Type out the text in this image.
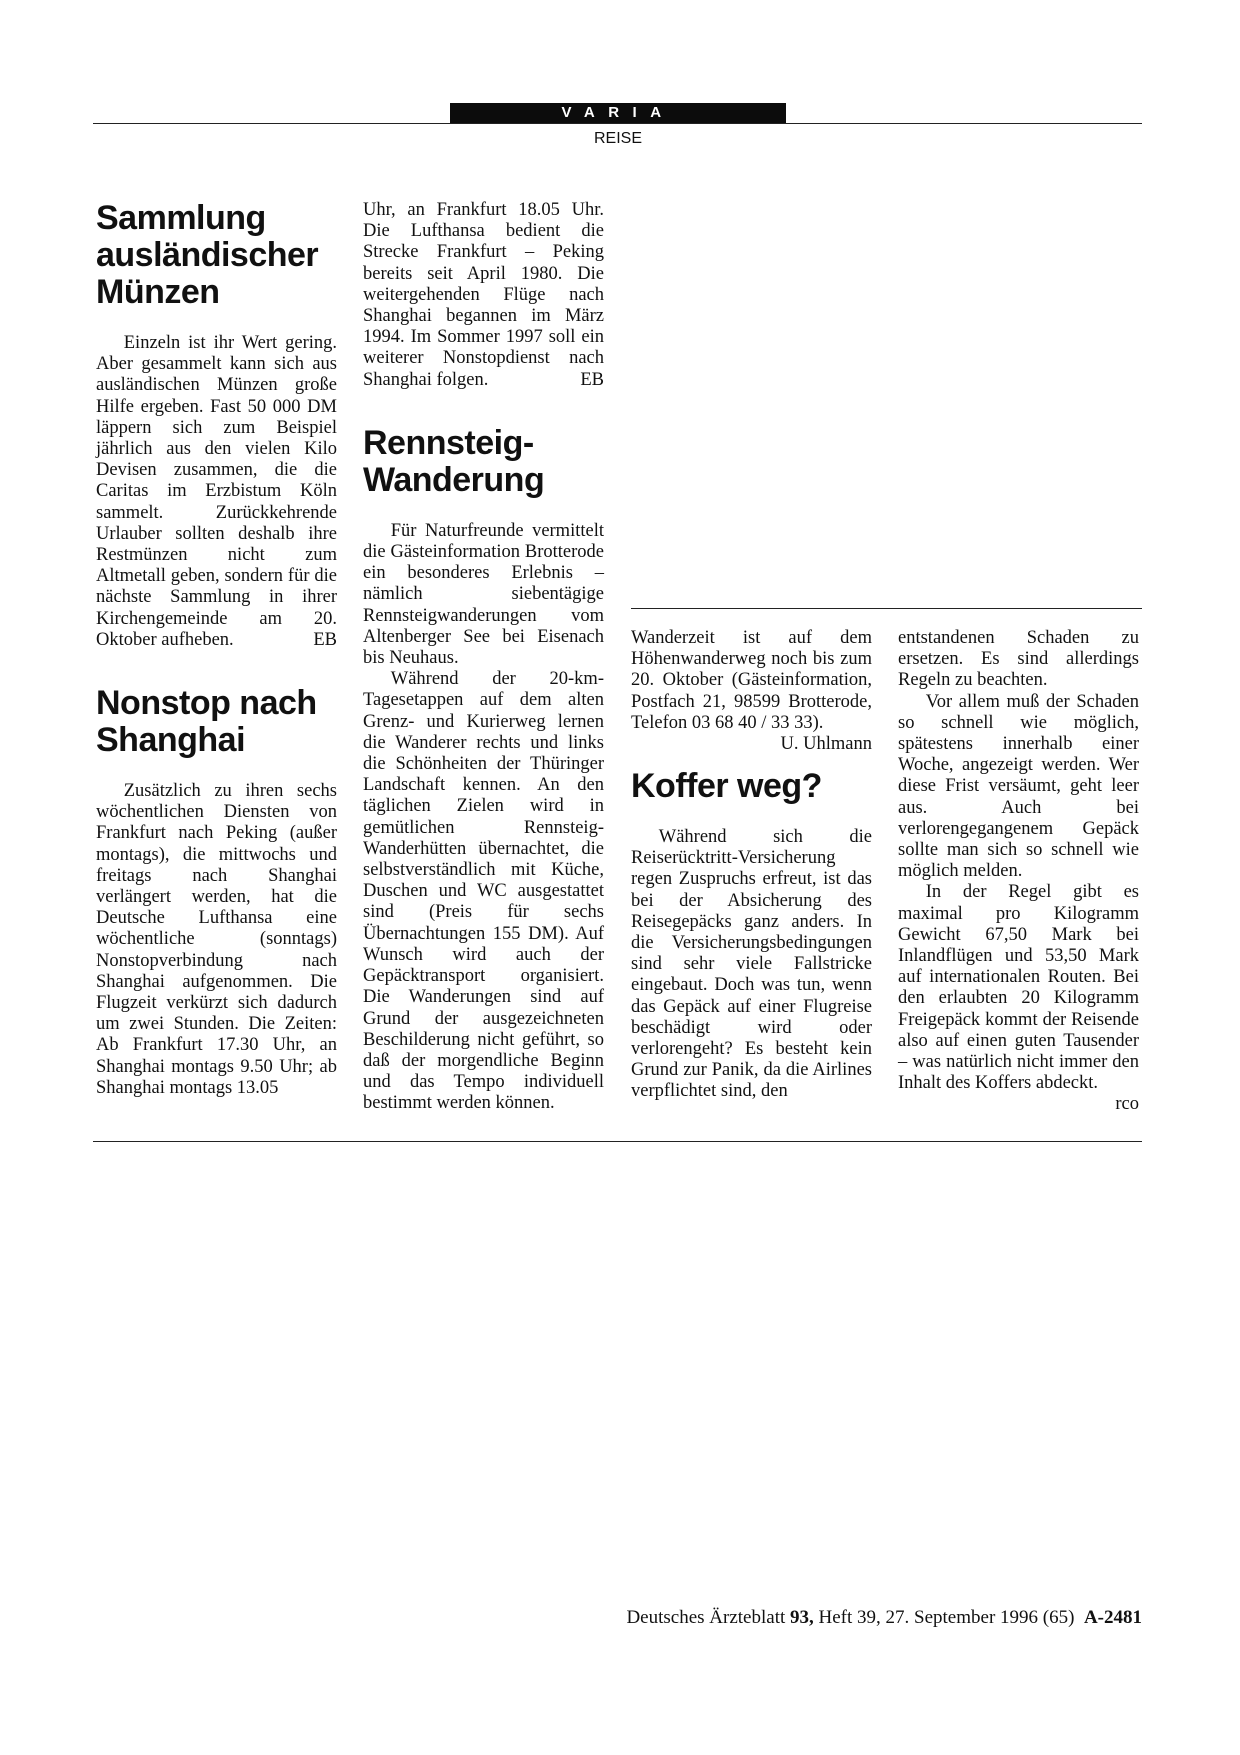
VARIA
REISE
Sammlung ausländischer Münzen

Einzeln ist ihr Wert gering. Aber gesammelt kann sich aus ausländischen Münzen große Hilfe ergeben. Fast 50 000 DM läppern sich zum Beispiel jährlich aus den vielen Kilo Devisen zusammen, die die Caritas im Erzbistum Köln sammelt. Zurückkehrende Urlauber sollten deshalb ihre Restmünzen nicht zum Altmetall geben, sondern für die nächste Sammlung in ihrer Kirchengemeinde am 20. Oktober aufheben.	EB

Nonstop nach Shanghai

Zusätzlich zu ihren sechs wöchentlichen Diensten von Frankfurt nach Peking (außer montags), die mittwochs und freitags nach Shanghai verlängert werden, hat die Deutsche Lufthansa eine wöchentliche (sonntags) Nonstopverbindung nach Shanghai aufgenommen. Die Flugzeit verkürzt sich dadurch um zwei Stunden. Die Zeiten: Ab Frankfurt 17.30 Uhr, an Shanghai montags 9.50 Uhr; ab Shanghai montags 13.05

Uhr, an Frankfurt 18.05 Uhr. Die Lufthansa bedient die Strecke Frankfurt – Peking bereits seit April 1980. Die weitergehenden Flüge nach Shanghai begannen im März 1994. Im Sommer 1997 soll ein weiterer Nonstopdienst nach Shanghai folgen.	EB

Rennsteig-Wanderung

Für Naturfreunde vermittelt die Gästeinformation Brotterode ein besonderes Erlebnis – nämlich siebentägige Rennsteigwanderungen vom Altenberger See bei Eisenach bis Neuhaus.

Während der 20-km-Tagesetappen auf dem alten Grenz- und Kurierweg lernen die Wanderer rechts und links die Schönheiten der Thüringer Landschaft kennen. An den täglichen Zielen wird in gemütlichen Rennsteig-Wanderhütten übernachtet, die selbstverständlich mit Küche, Duschen und WC ausgestattet sind (Preis für sechs Übernachtungen 155 DM). Auf Wunsch wird auch der Gepäcktransport organisiert. Die Wanderungen sind auf Grund der ausgezeichneten Beschilderung nicht geführt, so daß der morgendliche Beginn und das Tempo individuell bestimmt werden können.

Wanderzeit ist auf dem Höhenwanderweg noch bis zum 20. Oktober (Gästeinformation, Postfach 21, 98599 Brotterode, Telefon 03 68 40 / 33 33).
U. Uhlmann

Koffer weg?

Während sich die Reiserücktritt-Versicherung regen Zuspruchs erfreut, ist das bei der Absicherung des Reisegepäcks ganz anders. In die Versicherungsbedingungen sind sehr viele Fallstricke eingebaut. Doch was tun, wenn das Gepäck auf einer Flugreise beschädigt wird oder verlorengeht? Es besteht kein Grund zur Panik, da die Airlines verpflichtet sind, den

entstandenen Schaden zu ersetzen. Es sind allerdings Regeln zu beachten.

Vor allem muß der Schaden so schnell wie möglich, spätestens innerhalb einer Woche, angezeigt werden. Wer diese Frist versäumt, geht leer aus. Auch bei verlorengegangenem Gepäck sollte man sich so schnell wie möglich melden.

In der Regel gibt es maximal pro Kilogramm Gewicht 67,50 Mark bei Inlandflügen und 53,50 Mark auf internationalen Routen. Bei den erlaubten 20 Kilogramm Freigepäck kommt der Reisende also auf einen guten Tausender – was natürlich nicht immer den Inhalt des Koffers abdeckt.
rco

Deutsches Ärzteblatt 93, Heft 39, 27. September 1996 (65) A-2481
